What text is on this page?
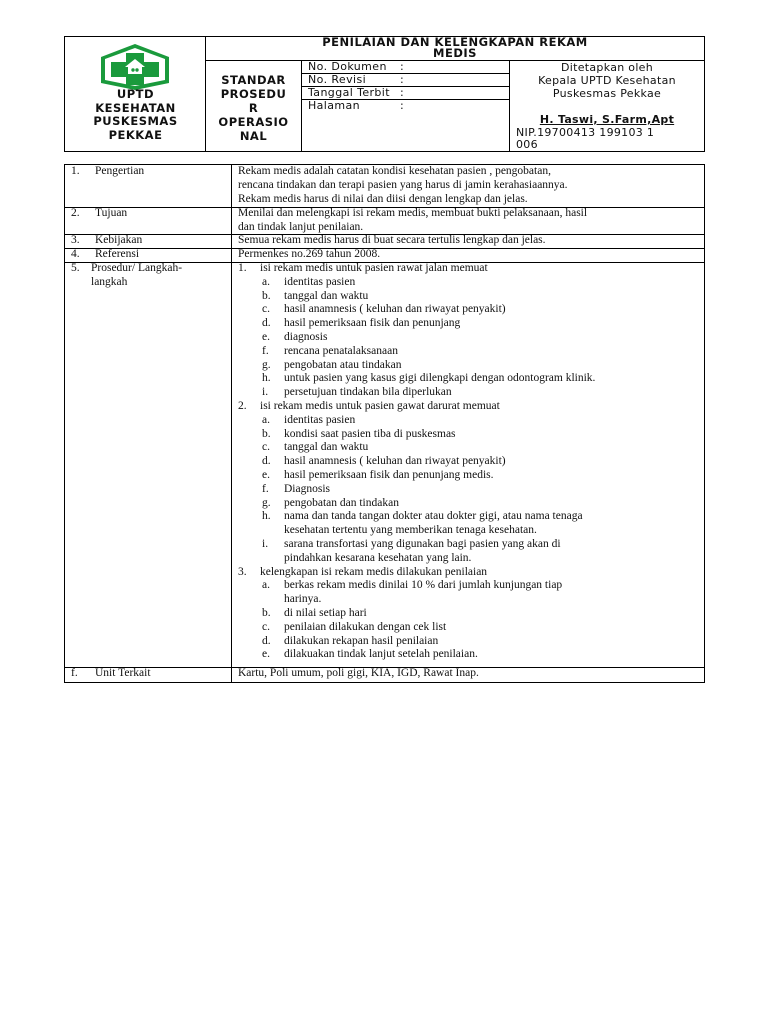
UPTD
KESEHATAN
PUSKESMAS
PEKKAE
PENILAIAN DAN KELENGKAPAN REKAM
MEDIS
STANDAR
PROSEDU
R
OPERASIO
NAL
No. Dokumen :
No. Revisi	:
Tanggal Terbit :
Halaman	:
Ditetapkan oleh
Kepala UPTD Kesehatan
Puskesmas Pekkae
H. Taswi, S.Farm,Apt
NIP.19700413 199103 1
006
1. Pengertian	Rekam medis adalah catatan kondisi kesehatan pasien , pengobatan,
rencana tindakan dan terapi pasien yang harus di jamin kerahasiaannya.
Rekam medis harus di nilai dan diisi dengan lengkap dan jelas.
2. Tujuan	Menilai dan melengkapi isi rekam medis, membuat bukti pelaksanaan, hasil
dan tindak lanjut penilaian.
3. Kebijakan	Semua rekam medis harus di buat secara tertulis lengkap dan jelas.
4. Referensi	Permenkes no.269 tahun 2008.
5. Prosedur/ Langkah-
langkah
1. isi rekam medis untuk pasien rawat jalan memuat
a. identitas pasien
b. tanggal dan waktu
c. hasil anamnesis ( keluhan dan riwayat penyakit)
d. hasil pemeriksaan fisik dan penunjang
e. diagnosis
f. rencana penatalaksanaan
g. pengobatan atau tindakan
h. untuk pasien yang kasus gigi dilengkapi dengan odontogram klinik.
i. persetujuan tindakan bila diperlukan
2. isi rekam medis untuk pasien gawat darurat memuat
a. identitas pasien
b. kondisi saat pasien tiba di puskesmas
c. tanggal dan waktu
d. hasil anamnesis ( keluhan dan riwayat penyakit)
e. hasil pemeriksaan fisik dan penunjang medis.
f. Diagnosis
g. pengobatan dan tindakan
h. nama dan tanda tangan dokter atau dokter gigi, atau nama tenaga
kesehatan tertentu yang memberikan tenaga kesehatan.
i. sarana transfortasi yang digunakan bagi pasien yang akan di
pindahkan kesarana kesehatan yang lain.
3. kelengkapan isi rekam medis dilakukan penilaian
a. berkas rekam medis dinilai 10 % dari jumlah kunjungan tiap
harinya.
b. di nilai setiap hari
c. penilaian dilakukan dengan cek list
d. dilakukan rekapan hasil penilaian
e. dilakuakan tindak lanjut setelah penilaian.
f. Unit Terkait	Kartu, Poli umum, poli gigi, KIA, IGD, Rawat Inap.
